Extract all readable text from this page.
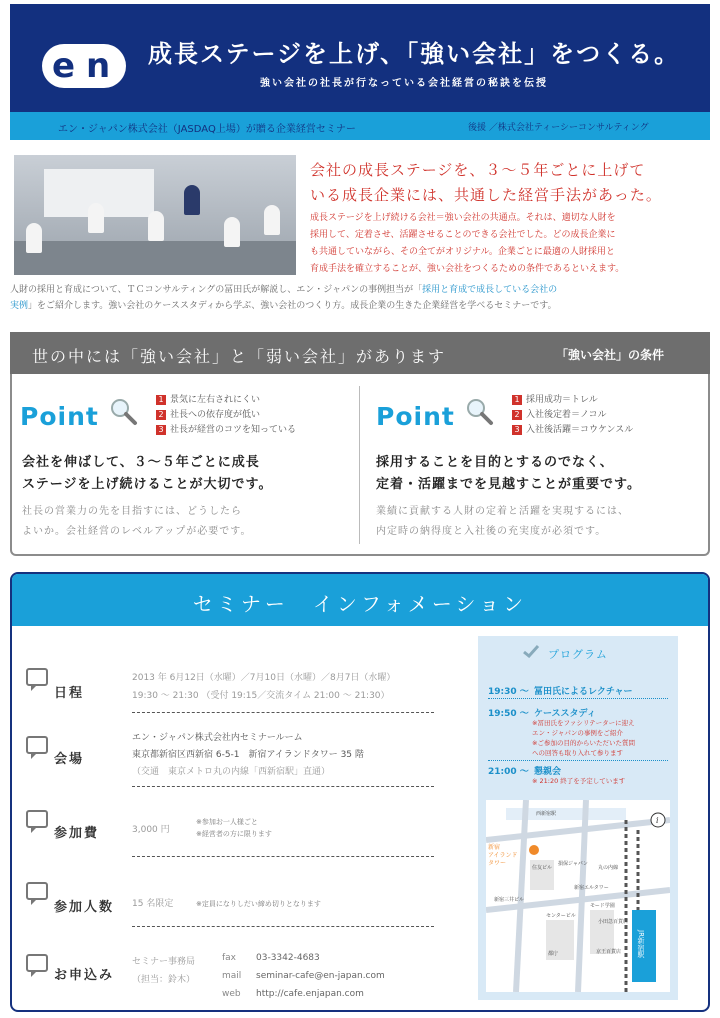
e n 成長ステージを上げ、「強い会社」をつくる。
強い会社の社長が行なっている会社経営の秘訣を伝授
エン・ジャパン株式会社（JASDAQ上場）が贈る企業経営セミナー	後援 ／株式会社ティーシーコンサルティング
会社の成長ステージを、３～５年ごとに上げて
いる成長企業には、共通した経営手法があった。
成長ステージを上げ続ける会社＝強い会社の共通点。それは、適切な人財を
採用して、定着させ、活躍させることのできる会社でした。どの成長企業に
も共通していながら、その全てがオリジナル。企業ごとに最適の人財採用と
育成手法を確立することが、強い会社をつくるための条件であるといえます。
人財の採用と育成について、ＴＣコンサルティングの冨田氏が解説し、エン・ジャパンの事例担当が「採用と育成で成長している会社の
実例」をご紹介します。強い会社のケーススタディから学ぶ、強い会社のつくり方。成長企業の生きた企業経営を学べるセミナーです。
世の中には「強い会社」と「弱い会社」があります	「強い会社」の条件
Point
1 景気に左右されにくい
2 社長への依存度が低い
3 社長が経営のコツを知っている
会社を伸ばして、３～５年ごとに成長
ステージを上げ続けることが大切です。
社長の営業力の先を目指すには、どうしたら
よいか。会社経営のレベルアップが必要です。
Point
1 採用成功＝トレル
2 入社後定着＝ノコル
3 入社後活躍＝コウケンスル
採用することを目的とするのでなく、
定着・活躍までを見越すことが重要です。
業績に貢献する人財の定着と活躍を実現するには、
内定時の納得度と入社後の充実度が必須です。
セミナー　インフォメーション
日程
2013 年 6月12日（水曜）／7月10日（水曜）／8月7日（水曜）
19:30 ～ 21:30 （受付 19:15／交流タイム 21:00 ～ 21:30）
会場
エン・ジャパン株式会社内セミナールーム
東京都新宿区西新宿 6-5-1　新宿アイランドタワー 35 階
（交通　東京メトロ丸の内線「西新宿駅」直通）
参加費	3,000 円
※参加お一人様ごと
※経営者の方に限ります
参加人数 15 名限定	※定員になりしだい締め切りとなります
お申込み
セミナー事務局
（担当：鈴木）
fax 03-3342-4683
mail seminar-cafe@en-japan.com
web http://cafe.enjapan.com
プログラム
19:30 ～ 冨田氏によるレクチャー
19:50 ～ ケーススタディ
※冨田氏をファシリテーターに迎え
エン・ジャパンの事例をご紹介
※ご参加の目的からいただいた質問
への回答も取り入れて参ります
21:00 ～ 懇親会
※ 21:20 終了を予定しています
i
新宿
アイランド
タワー
西新宿駅
丸の内線
新宿三井ビル
住友ビル
センタービル
損保ジャパン
都庁
小田急百貨店
京王百貨店
新宿エルタワー
モード学園
JR新宿駅
